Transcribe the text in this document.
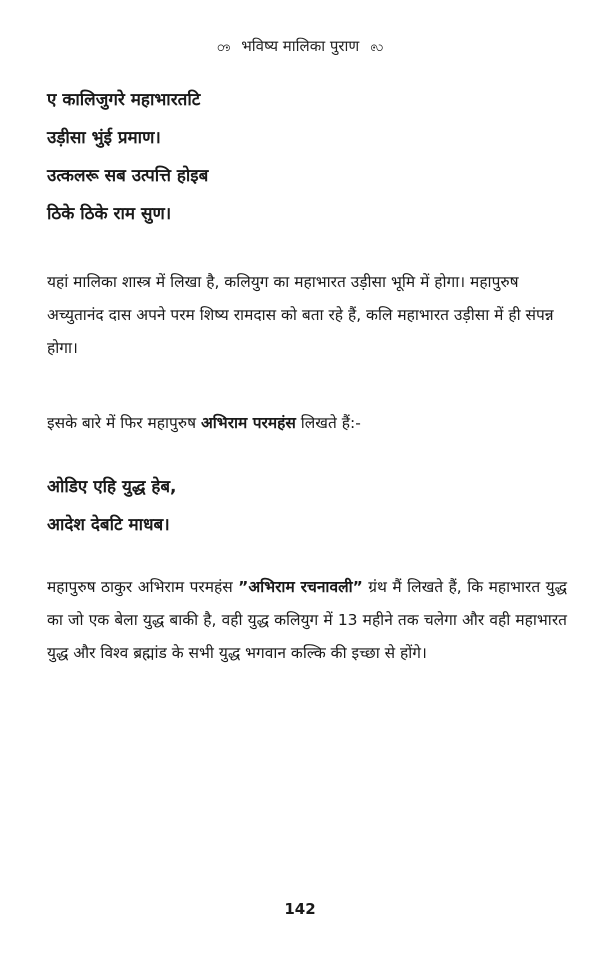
ꧻ भविष्य मालिका पुराण ꧺ
ए कालिजुगरे महाभारतटि
उड़ीसा भुंई प्रमाण।
उत्कलरू सब उत्पत्ति होइब
ठिके ठिके राम सुण।
यहां मालिका शास्त्र में लिखा है, कलियुग का महाभारत उड़ीसा भूमि में होगा। महापुरुष अच्युतानंद दास अपने परम शिष्य रामदास को बता रहे हैं, कलि महाभारत उड़ीसा में ही संपन्न होगा।
इसके बारे में फिर महापुरुष अभिराम परमहंस लिखते हैं:-
ओडिए एहि युद्ध हेब,
आदेश देबटि माधब।
महापुरुष ठाकुर अभिराम परमहंस ”अभिराम रचनावली” ग्रंथ मैं लिखते हैं, कि महाभारत युद्ध का जो एक बेला युद्ध बाकी है, वही युद्ध कलियुग में 13 महीने तक चलेगा और वही महाभारत युद्ध और विश्व ब्रह्मांड के सभी युद्ध भगवान कल्कि की इच्छा से होंगे।
142
